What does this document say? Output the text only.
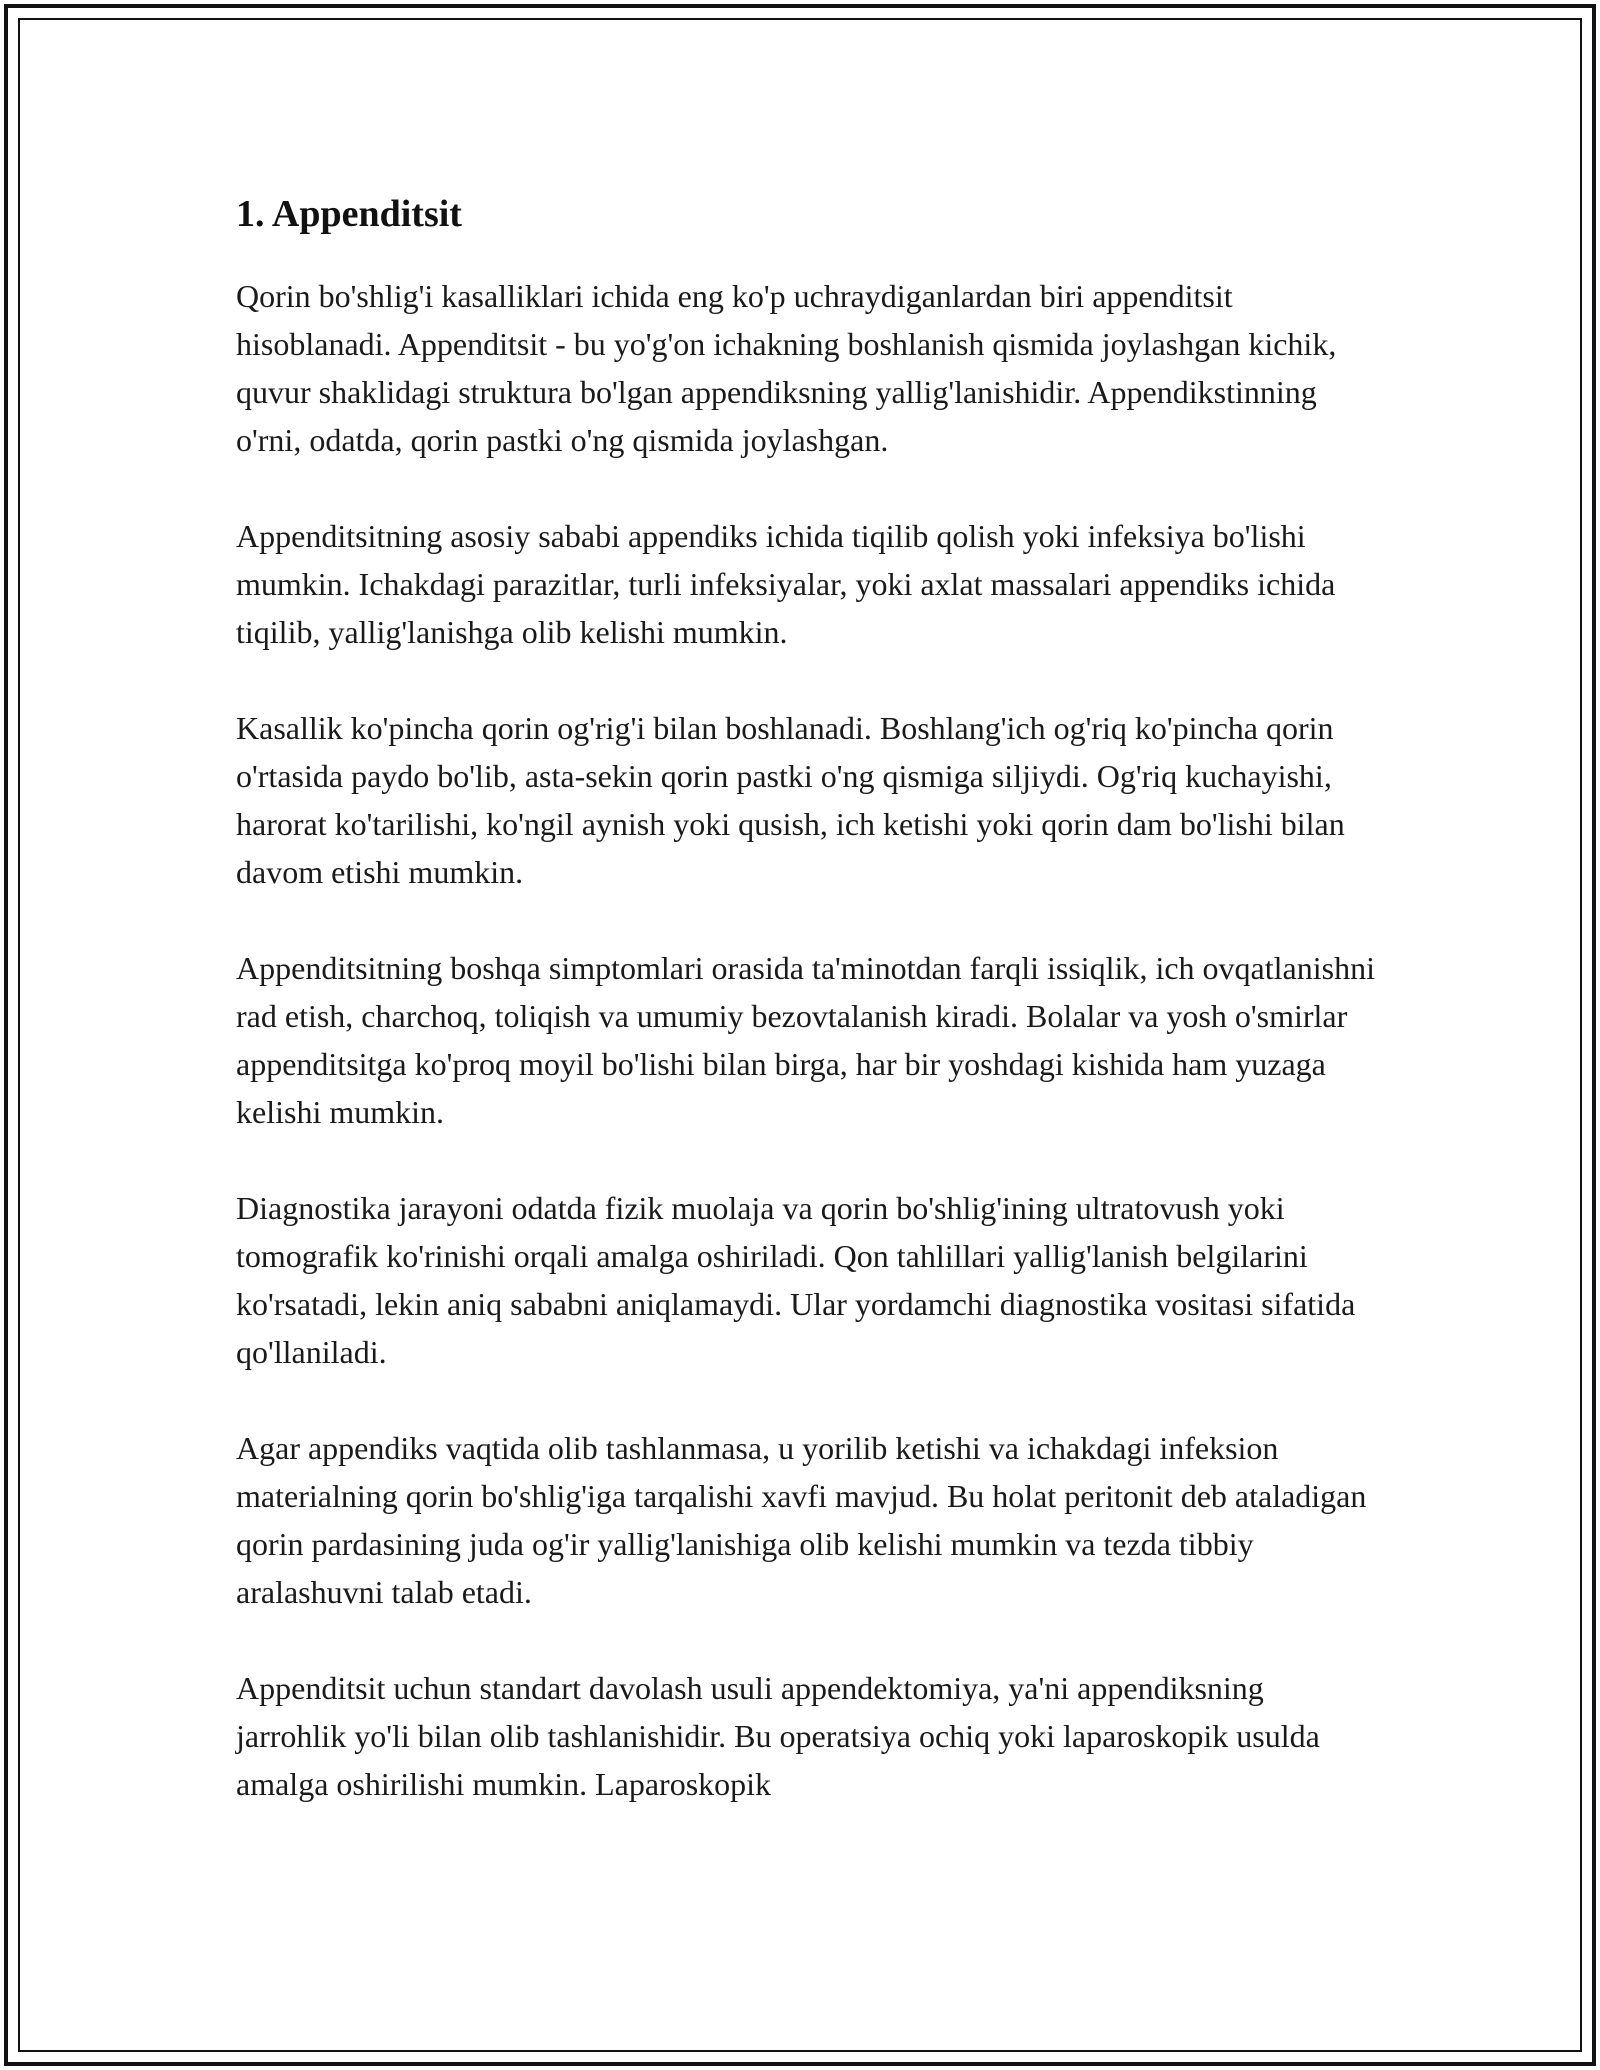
1. Appenditsit

Qorin bo'shlig'i kasalliklari ichida eng ko'p uchraydiganlardan biri appenditsit hisoblanadi. Appenditsit - bu yo'g'on ichakning boshlanish qismida joylashgan kichik, quvur shaklidagi struktura bo'lgan appendiksning yallig'lanishidir. Appendikstinning o'rni, odatda, qorin pastki o'ng qismida joylashgan.

Appenditsitning asosiy sababi appendiks ichida tiqilib qolish yoki infeksiya bo'lishi mumkin. Ichakdagi parazitlar, turli infeksiyalar, yoki axlat massalari appendiks ichida tiqilib, yallig'lanishga olib kelishi mumkin.

Kasallik ko'pincha qorin og'rig'i bilan boshlanadi. Boshlang'ich og'riq ko'pincha qorin o'rtasida paydo bo'lib, asta-sekin qorin pastki o'ng qismiga siljiydi. Og'riq kuchayishi, harorat ko'tarilishi, ko'ngil aynish yoki qusish, ich ketishi yoki qorin dam bo'lishi bilan davom etishi mumkin.

Appenditsitning boshqa simptomlari orasida ta'minotdan farqli issiqlik, ich ovqatlanishni rad etish, charchoq, toliqish va umumiy bezovtalanish kiradi. Bolalar va yosh o'smirlar appenditsitga ko'proq moyil bo'lishi bilan birga, har bir yoshdagi kishida ham yuzaga kelishi mumkin.

Diagnostika jarayoni odatda fizik muolaja va qorin bo'shlig'ining ultratovush yoki tomografik ko'rinishi orqali amalga oshiriladi. Qon tahlillari yallig'lanish belgilarini ko'rsatadi, lekin aniq sababni aniqlamaydi. Ular yordamchi diagnostika vositasi sifatida qo'llaniladi.

Agar appendiks vaqtida olib tashlanmasa, u yorilib ketishi va ichakdagi infeksion materialning qorin bo'shlig'iga tarqalishi xavfi mavjud. Bu holat peritonit deb ataladigan qorin pardasining juda og'ir yallig'lanishiga olib kelishi mumkin va tezda tibbiy aralashuvni talab etadi.

Appenditsit uchun standart davolash usuli appendektomiya, ya'ni appendiksning jarrohlik yo'li bilan olib tashlanishidir. Bu operatsiya ochiq yoki laparoskopik usulda amalga oshirilishi mumkin. Laparoskopik
